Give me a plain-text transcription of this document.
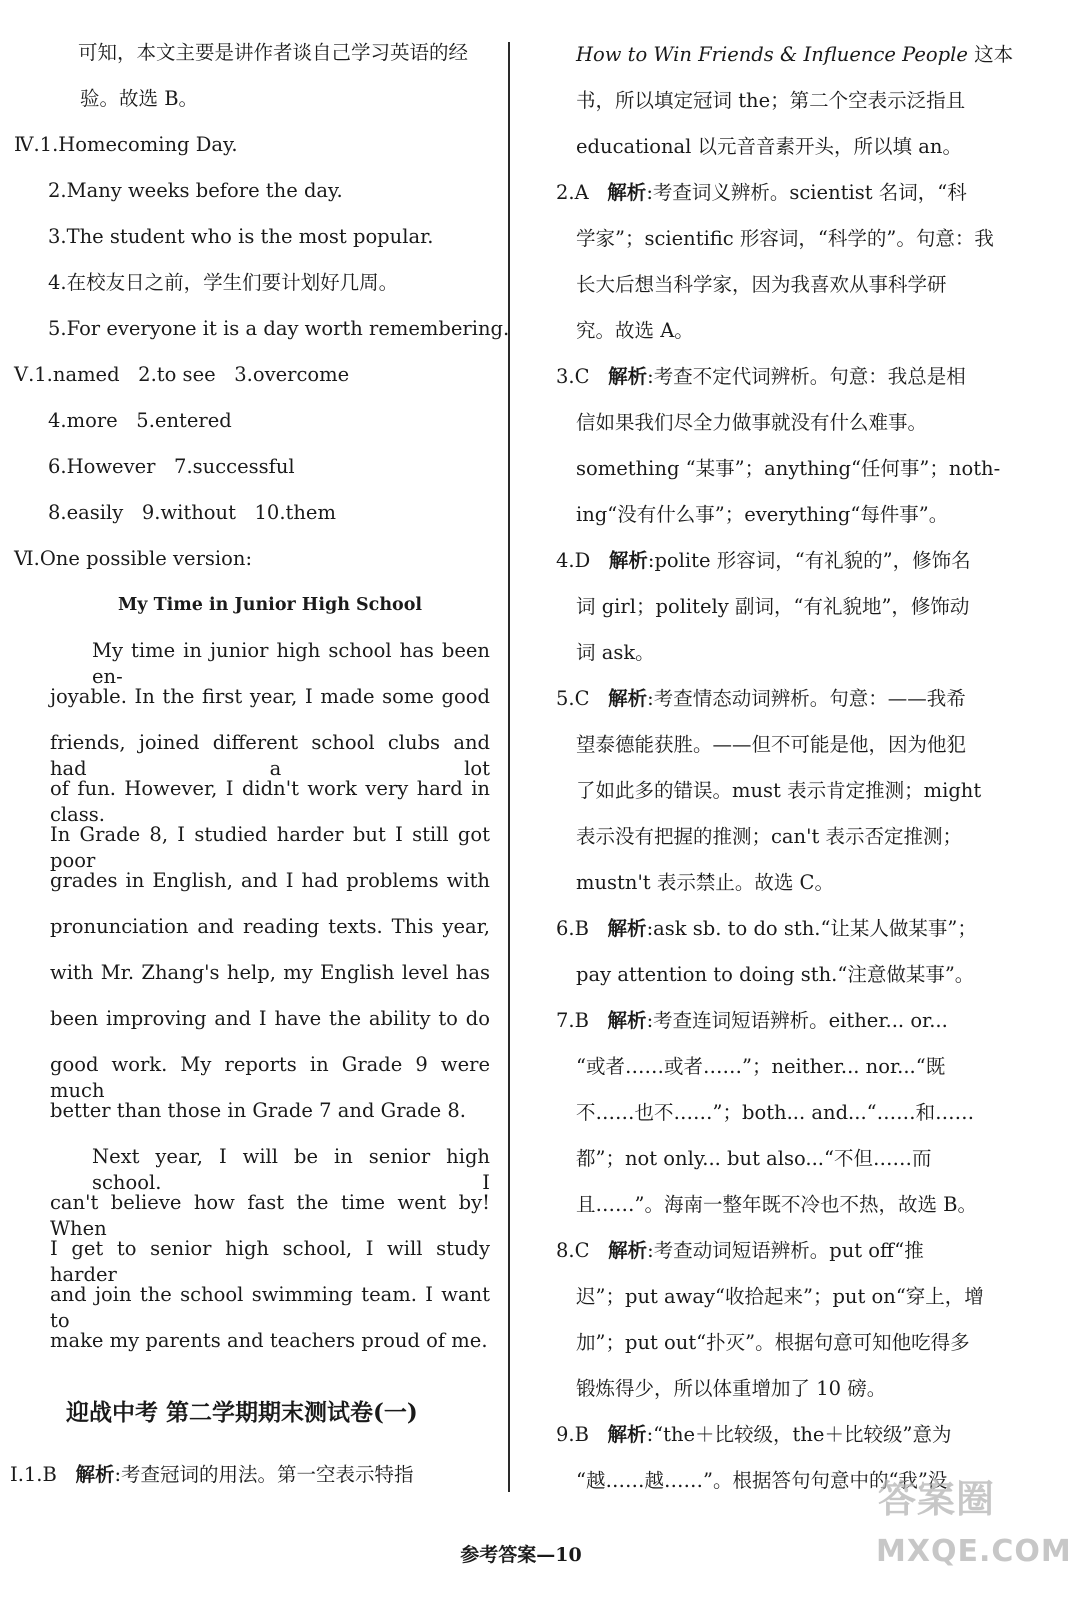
可知，本文主要是讲作者谈自己学习英语的经
验。故选 B。
Ⅳ.1.Homecoming Day.
2.Many weeks before the day.
3.The student who is the most popular.
4.在校友日之前，学生们要计划好几周。
5.For everyone it is a day worth remembering.
Ⅴ.1.named   2.to see   3.overcome
4.more   5.entered
6.However   7.successful
8.easily   9.without   10.them
Ⅵ.One possible version:
My Time in Junior High School
My time in junior high school has been en-
joyable. In the first year, I made some good
friends, joined different school clubs and had a lot
of fun. However, I didn't work very hard in class.
In Grade 8, I studied harder but I still got poor
grades in English, and I had problems with
pronunciation and reading texts. This year,
with Mr. Zhang's help, my English level has
been improving and I have the ability to do
good work. My reports in Grade 9 were much
better than those in Grade 7 and Grade 8.
Next year, I will be in senior high school. I
can't believe how fast the time went by! When
I get to senior high school, I will study harder
and join the school swimming team. I want to
make my parents and teachers proud of me.
迎战中考 第二学期期末测试卷(一)
Ⅰ.1.B 解析:考查冠词的用法。第一空表示特指
How to Win Friends & Influence People 这本
书，所以填定冠词 the；第二个空表示泛指且
educational 以元音音素开头，所以填 an。
2.A 解析:考查词义辨析。scientist 名词，“科
学家”；scientific 形容词，“科学的”。句意：我
长大后想当科学家，因为我喜欢从事科学研
究。故选 A。
3.C 解析:考查不定代词辨析。句意：我总是相
信如果我们尽全力做事就没有什么难事。
something “某事”；anything“任何事”；noth-
ing“没有什么事”；everything“每件事”。
4.D 解析:polite 形容词，“有礼貌的”，修饰名
词 girl；politely 副词，“有礼貌地”，修饰动
词 ask。
5.C 解析:考查情态动词辨析。句意：——我希
望泰德能获胜。——但不可能是他，因为他犯
了如此多的错误。must 表示肯定推测；might
表示没有把握的推测；can't 表示否定推测；
mustn't 表示禁止。故选 C。
6.B 解析:ask sb. to do sth.“让某人做某事”；
pay attention to doing sth.“注意做某事”。
7.B 解析:考查连词短语辨析。either... or...
“或者……或者……”；neither... nor...“既
不……也不……”；both... and...“……和……
都”；not only... but also...“不但……而
且……”。海南一整年既不冷也不热，故选 B。
8.C 解析:考查动词短语辨析。put off“推
迟”；put away“收拾起来”；put on“穿上，增
加”；put out“扑灭”。根据句意可知他吃得多
锻炼得少，所以体重增加了 10 磅。
9.B 解析:“the＋比较级，the＋比较级”意为
“越……越……”。根据答句句意中的“我”没
参考答案—10
答案圈
MXQE.COM
